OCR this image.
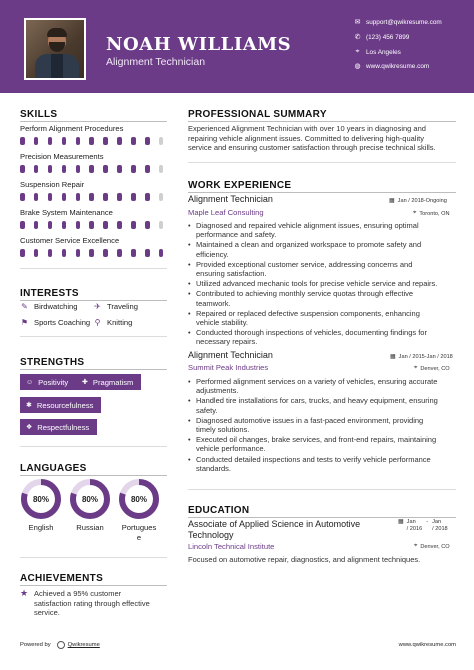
NOAH WILLIAMS
Alignment Technician
✉ support@qwikresume.com
✆ (123) 456 7899
⌖	Los Angeles
◍ www.qwikresume.com
SKILLS
Perform Alignment Procedures
Precision Measurements
Suspension Repair
Brake System Maintenance
Customer Service Excellence
INTERESTS
✎ Birdwatching ✈ Traveling
⚑ Sports Coaching ⚲ Knitting
STRENGTHS
☺ Positivity ✚ Pragmatism
✱ Resourcefulness
❖ Respectfulness
LANGUAGES
80%	80%	80%
English	Russian	Portugues
e
ACHIEVEMENTS
★ Achieved a 95% customer
satisfaction rating through effective
service.
PROFESSIONAL SUMMARY
Experienced Alignment Technician with over 10 years in diagnosing and
repairing vehicle alignment issues. Committed to delivering high-quality
service and ensuring customer satisfaction through precise technical skills.
WORK EXPERIENCE
Alignment Technician	▦ Jan / 2018-Ongoing
Maple Leaf Consulting	⌖ Toronto, ON
• Diagnosed and repaired vehicle alignment issues, ensuring optimal
performance and safety.
• Maintained a clean and organized workspace to promote safety and
efficiency.
• Provided exceptional customer service, addressing concerns and
ensuring satisfaction.
• Utilized advanced mechanic tools for precise vehicle service and repairs.
• Contributed to achieving monthly service quotas through effective
teamwork.
• Repaired or replaced defective suspension components, enhancing
vehicle stability.
• Conducted thorough inspections of vehicles, documenting findings for
necessary repairs.
Alignment Technician	▦ Jan / 2015-Jan / 2018
Summit Peak Industries	⌖ Denver, CO
• Performed alignment services on a variety of vehicles, ensuring accurate
adjustments.
• Handled tire installations for cars, trucks, and heavy equipment, ensuring
safety.
• Diagnosed automotive issues in a fast-paced environment, providing
timely solutions.
• Executed oil changes, brake services, and front-end repairs, maintaining
vehicle performance.
• Conducted detailed inspections and tests to verify vehicle performance
standards.
EDUCATION
Associate of Applied Science in Automotive
Technology
▦ Jan
/ 2016
- Jan
/ 2018
Lincoln Technical Institute	⌖ Denver, CO
Focused on automotive repair, diagnostics, and alignment techniques.
Powered by	Qwikresume	www.qwikresume.com
